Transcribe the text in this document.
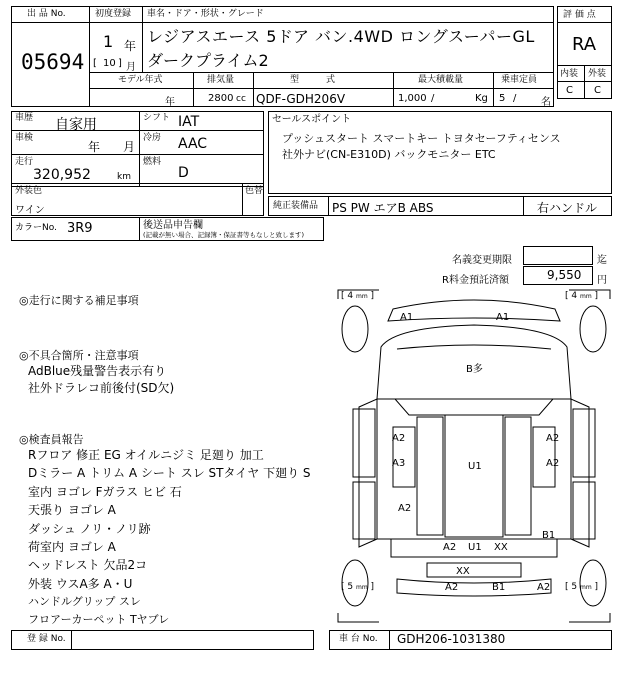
出 品 No.
05694
初度登録
1 年
[ 10 ] 月
車名・ドア・形状・グレード
レジアスエース 5ドア バン.4WD ロングスーパーGL
ダークプライム2
モデル年式
年
排気量
2800 cc
型　　　式
QDF-GDH206V
最大積載量
1,000 /	Kg
乗車定員
5 / 名
評 価 点
RA
内装 外装
C C
車歴 自家用	シフト IAT
車検
年 月
冷房 AAC
走行
320,952	km
燃料
D
セールスポイント
プッシュスタート スマートキー トヨタセーフティセンス
社外ナビ(CN-E310D) バックモニター ETC
外装色
ワイン
色替
純正装備品 PS PW エアB ABS	右ハンドル
カラーNo. 3R9	後送品申告欄
(記載が無い場合、記録簿・保証書等もなしと致します)
名義変更期限	迄
R料金預託済額	9,550 円
◎走行に関する補足事項
◎不具合箇所・注意事項
AdBlue残量警告表示有り
社外ドラレコ前後付(SD欠)
◎検査員報告
Rフロア 修正 EG オイルニジミ 足廻り 加工
Dミラー A トリム A シート スレ STタイヤ 下廻り S
室内 ヨゴレ Fガラス ヒビ 石
天張り ヨゴレ A
ダッシュ ノリ・ノリ跡
荷室内 ヨゴレ A
ヘッドレスト 欠品2コ
外装 ウスA多 A・U
ハンドルグリップ スレ
フロアーカーペット Tヤブレ
[ 4 mm ]	[ 4 mm ]
[ 5 mm ]	[ 5 mm ]
A1	A1
B多
A2	A2
A3	U1	A2
A2
B1
A2 U1 XX
XX
A2	B1	A2
登 録 No.	車 台 No. GDH206-1031380
